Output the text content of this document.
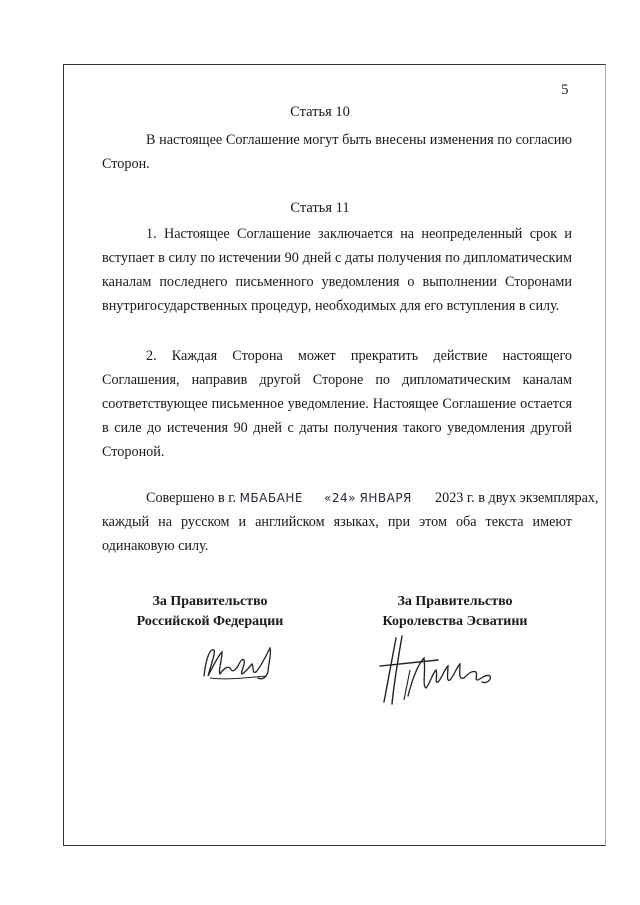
5
Статья 10
В настоящее Соглашение могут быть внесены изменения по согласию Сторон.
Статья 11
1. Настоящее Соглашение заключается на неопределенный срок и вступает в силу по истечении 90 дней с даты получения по дипломатическим каналам последнего письменного уведомления о выполнении Сторонами внутригосударственных процедур, необходимых для его вступления в силу.
2. Каждая Сторона может прекратить действие настоящего Соглашения, направив другой Стороне по дипломатическим каналам соответствующее письменное уведомление. Настоящее Соглашение остается в силе до истечения 90 дней с даты получения такого уведомления другой Стороной.
Совершено в г. МБАБАНЕ «24» ЯНВАРЯ 2023 г. в двух экземплярах,
каждый на русском и английском языках, при этом оба текста имеют одинаковую силу.
За Правительство
Российской Федерации
За Правительство
Королевства Эсватини
